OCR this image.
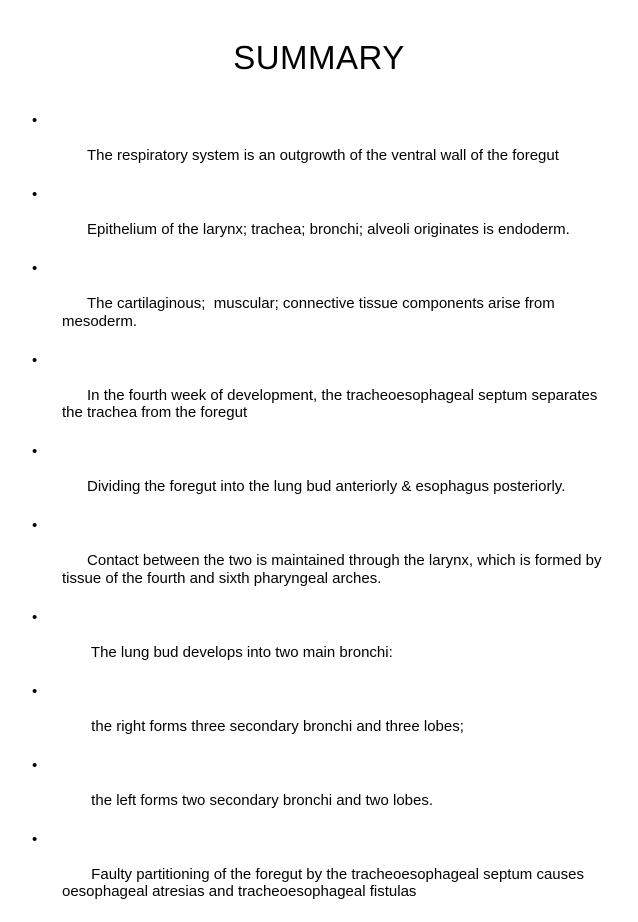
SUMMARY

•

The respiratory system is an outgrowth of the ventral wall of the foregut

•

Epithelium of the larynx; trachea; bronchi; alveoli originates is endoderm.

•

The cartilaginous;  muscular; connective tissue components arise from mesoderm.

•

In the fourth week of development, the tracheoesophageal septum separates the trachea from the foregut

•

Dividing the foregut into the lung bud anteriorly & esophagus posteriorly.

•

Contact between the two is maintained through the larynx, which is formed by tissue of the fourth and sixth pharyngeal arches.

•

The lung bud develops into two main bronchi:

•

the right forms three secondary bronchi and three lobes;

•

the left forms two secondary bronchi and two lobes.

•

Faulty partitioning of the foregut by the tracheoesophageal septum causes oesophageal atresias and tracheoesophageal fistulas
